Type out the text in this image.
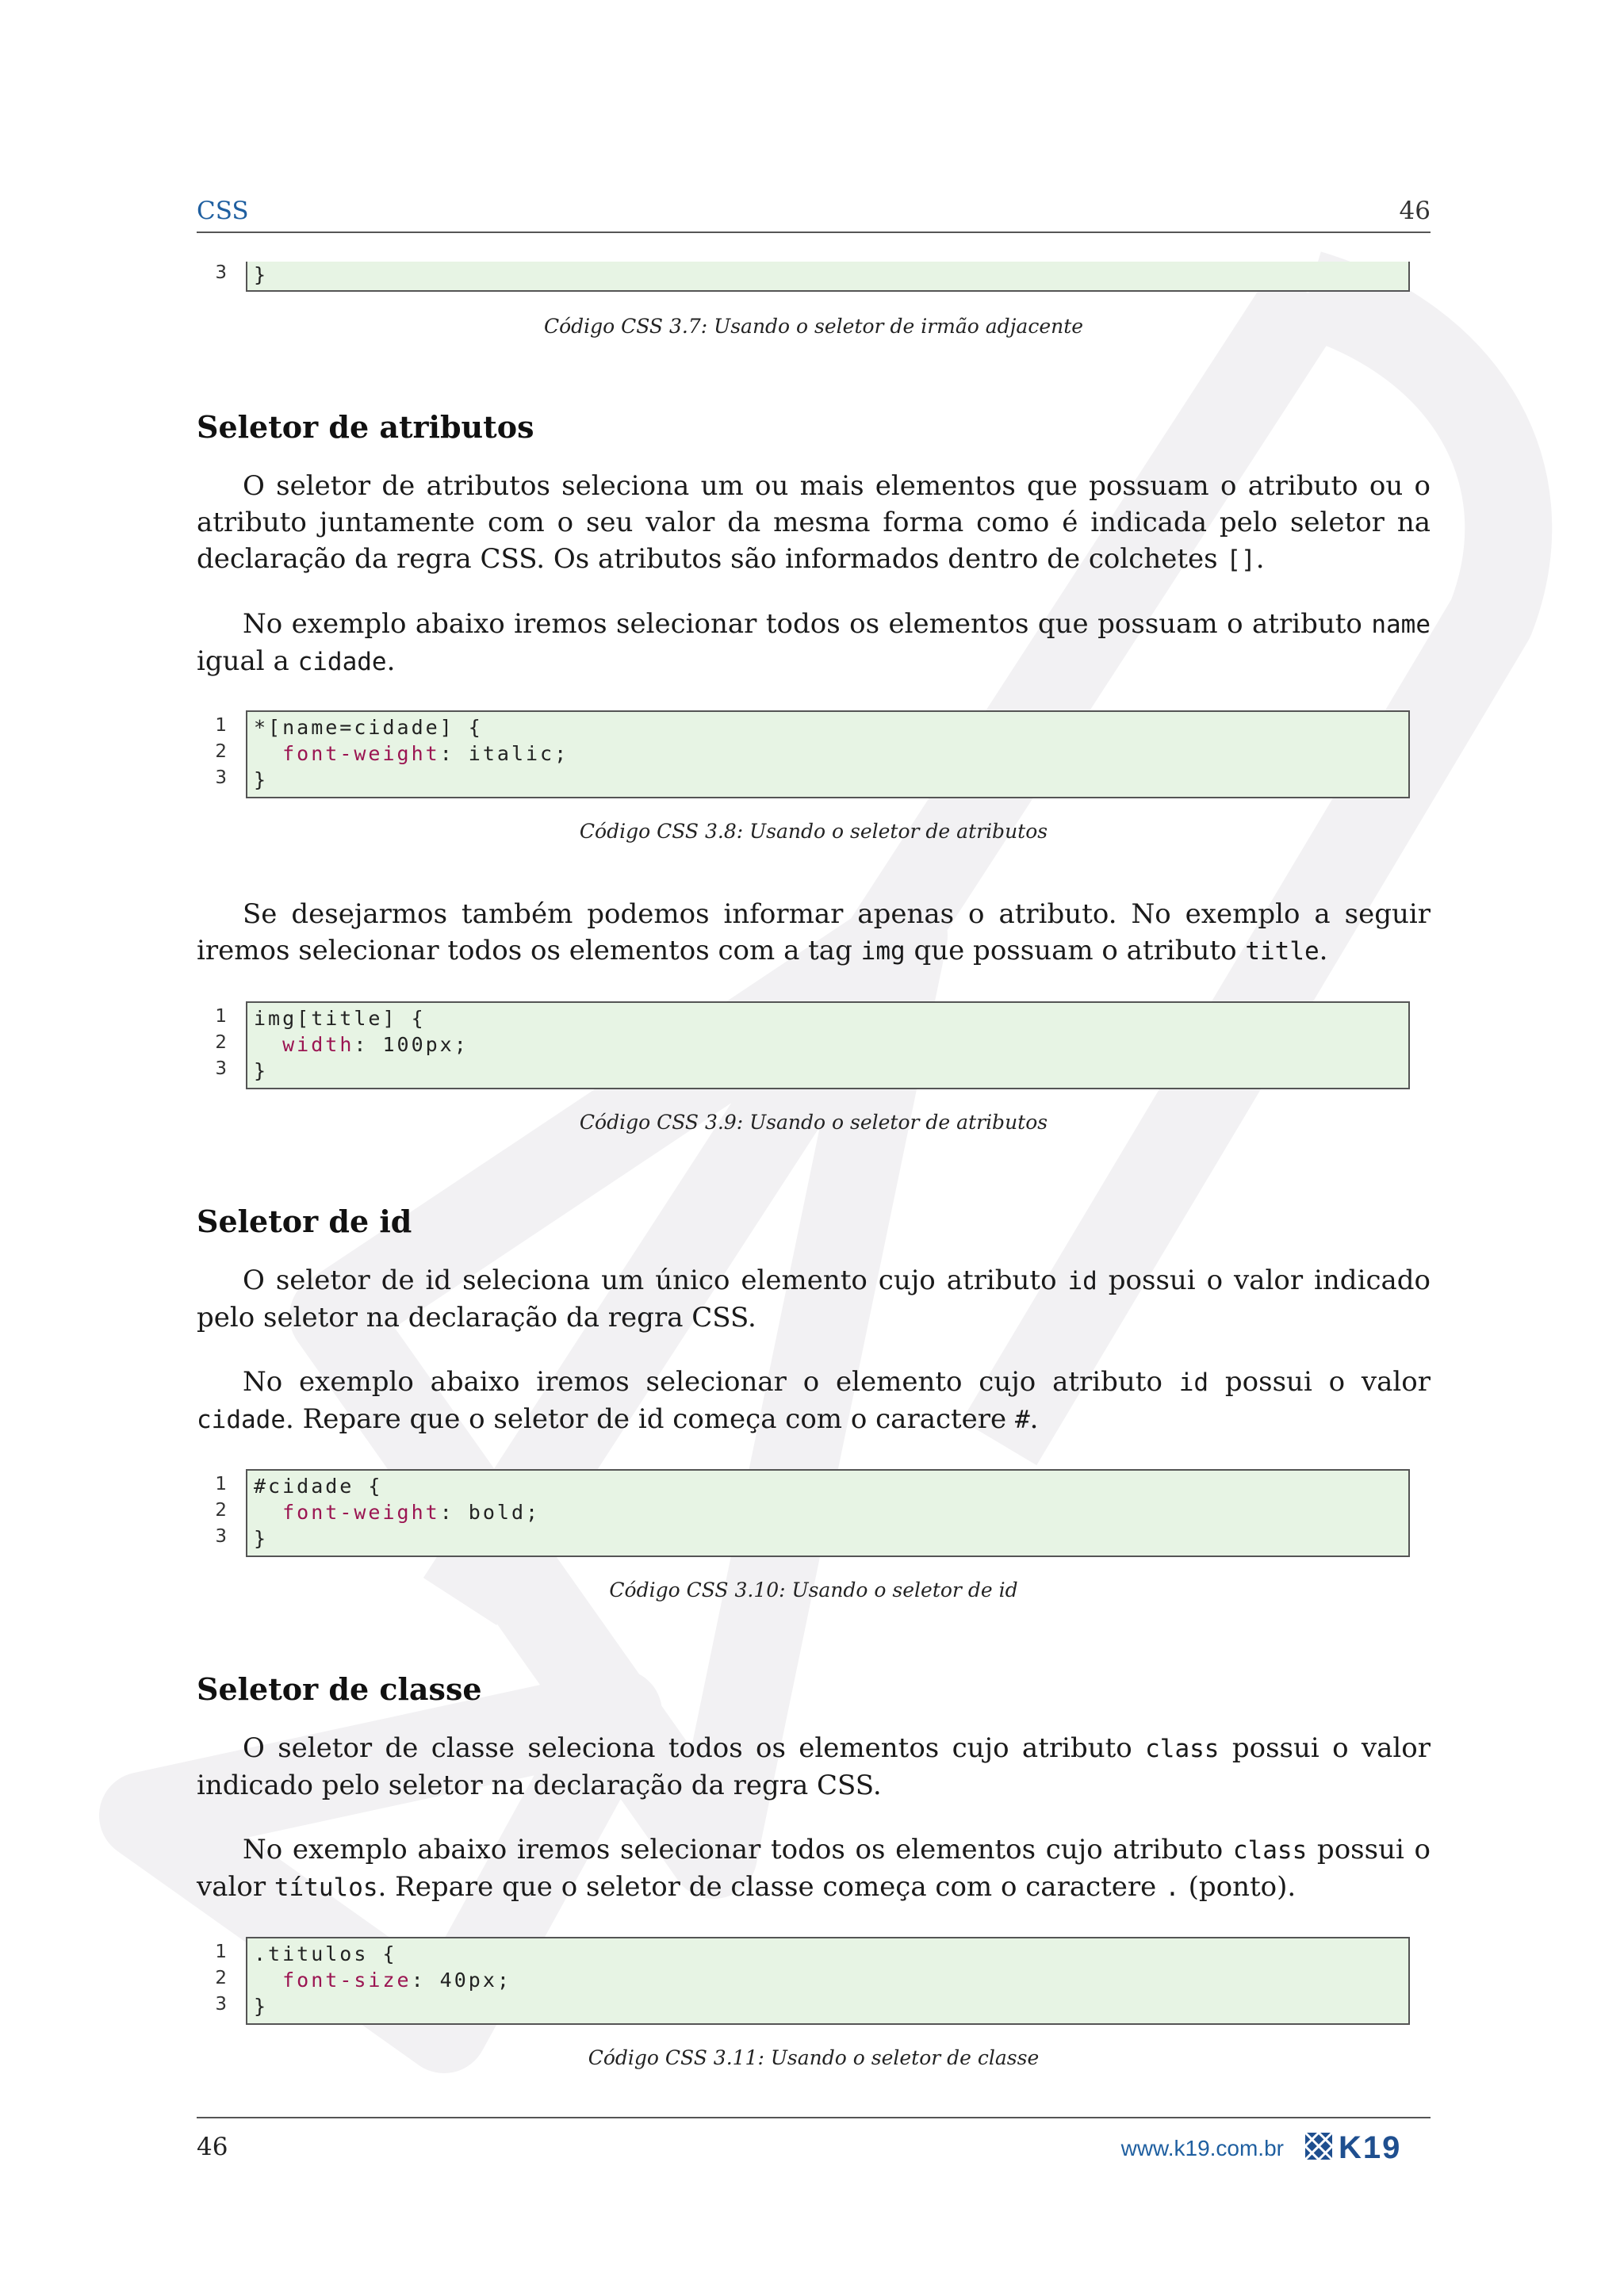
CSS	46
3	}
Código CSS 3.7: Usando o seletor de irmão adjacente
Seletor de atributos
O seletor de atributos seleciona um ou mais elementos que possuam o atributo ou o atributo juntamente com o seu valor da mesma forma como é indicada pelo seletor na declaração da regra CSS. Os atributos são informados dentro de colchetes [].
No exemplo abaixo iremos selecionar todos os elementos que possuam o atributo name igual a cidade.
1
2
3
*[name=cidade] {
font-weight: italic;
}
Código CSS 3.8: Usando o seletor de atributos
Se desejarmos também podemos informar apenas o atributo. No exemplo a seguir iremos selecionar todos os elementos com a tag img que possuam o atributo title.
1
2
3
img[title] {
width: 100px;
}
Código CSS 3.9: Usando o seletor de atributos
Seletor de id
O seletor de id seleciona um único elemento cujo atributo id possui o valor indicado pelo seletor na declaração da regra CSS.
No exemplo abaixo iremos selecionar o elemento cujo atributo id possui o valor cidade. Repare que o seletor de id começa com o caractere #.
1
2
3
#cidade {
font-weight: bold;
}
Código CSS 3.10: Usando o seletor de id
Seletor de classe
O seletor de classe seleciona todos os elementos cujo atributo class possui o valor indicado pelo seletor na declaração da regra CSS.
No exemplo abaixo iremos selecionar todos os elementos cujo atributo class possui o valor títulos. Repare que o seletor de classe começa com o caractere . (ponto).
1
2
3
.titulos {
font-size: 40px;
}
Código CSS 3.11: Usando o seletor de classe
46	www.k19.com.br K19
